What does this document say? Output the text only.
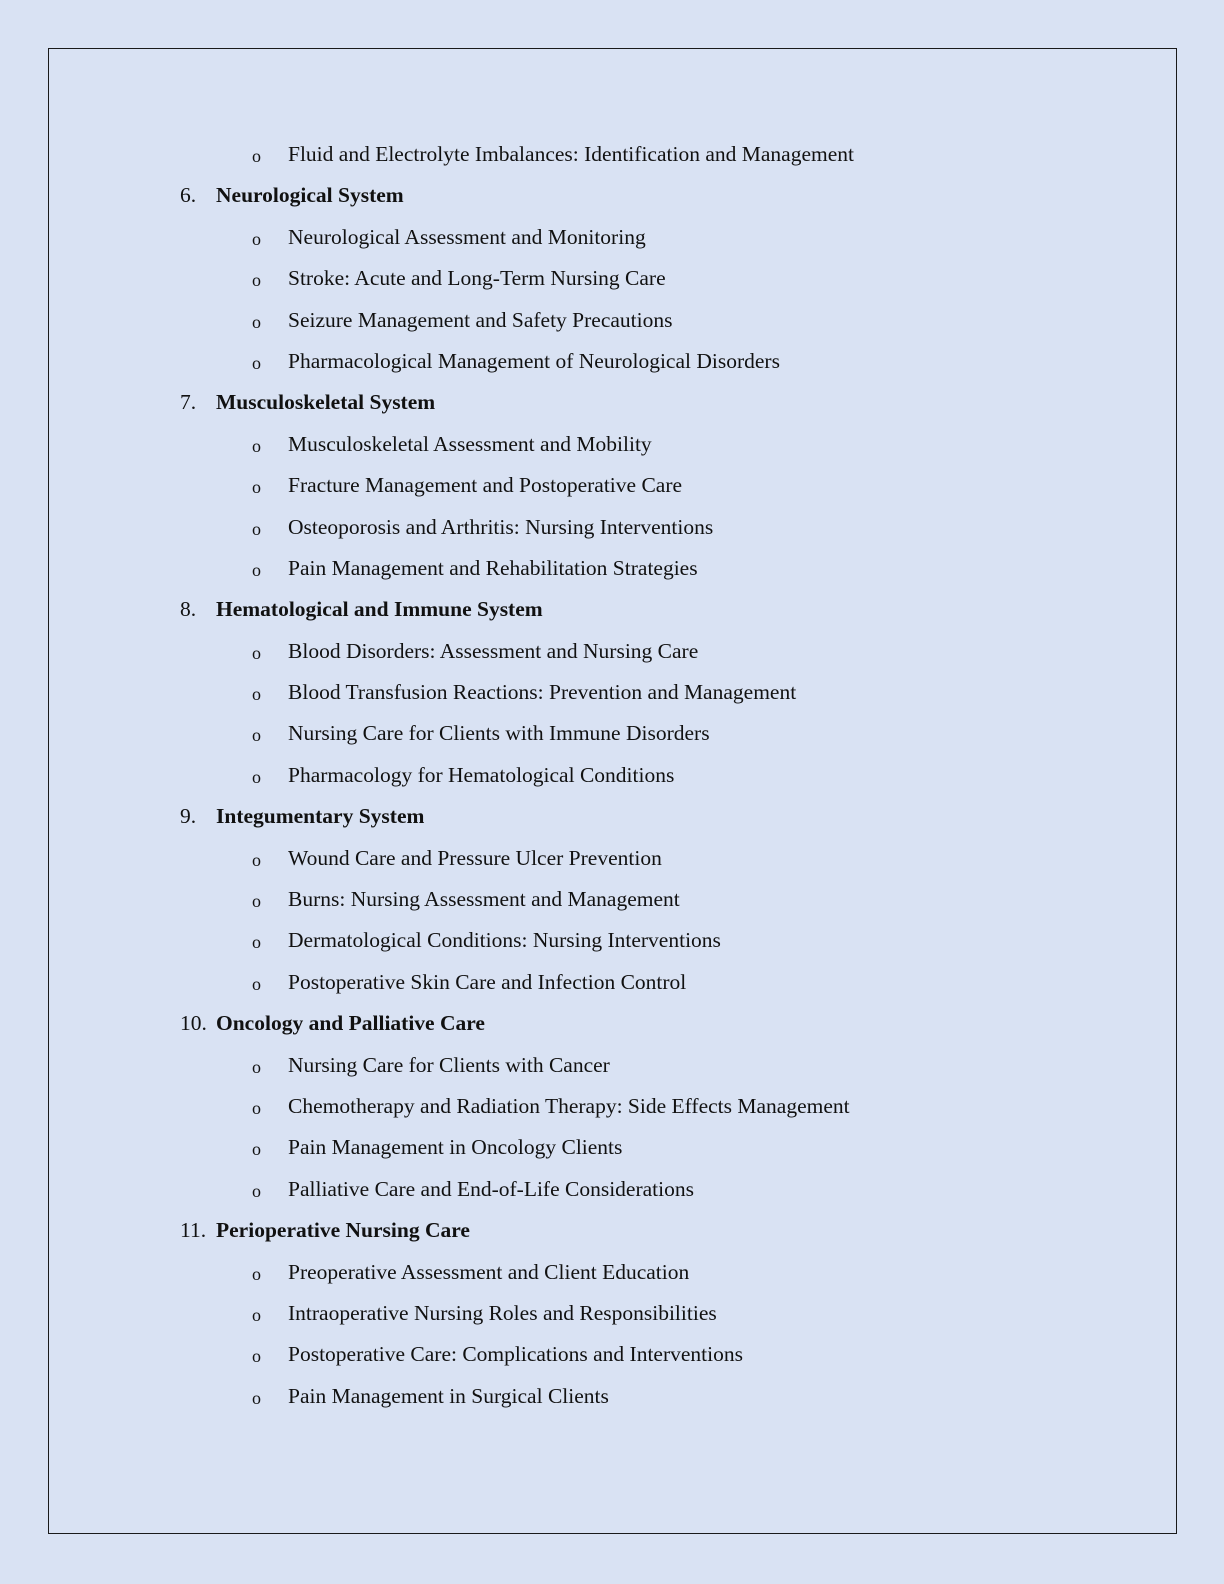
o Fluid and Electrolyte Imbalances: Identification and Management
6. Neurological System
o Neurological Assessment and Monitoring
o Stroke: Acute and Long-Term Nursing Care
o Seizure Management and Safety Precautions
o Pharmacological Management of Neurological Disorders
7. Musculoskeletal System
o Musculoskeletal Assessment and Mobility
o Fracture Management and Postoperative Care
o Osteoporosis and Arthritis: Nursing Interventions
o Pain Management and Rehabilitation Strategies
8. Hematological and Immune System
o Blood Disorders: Assessment and Nursing Care
o Blood Transfusion Reactions: Prevention and Management
o Nursing Care for Clients with Immune Disorders
o Pharmacology for Hematological Conditions
9. Integumentary System
o Wound Care and Pressure Ulcer Prevention
o Burns: Nursing Assessment and Management
o Dermatological Conditions: Nursing Interventions
o Postoperative Skin Care and Infection Control
10. Oncology and Palliative Care
o Nursing Care for Clients with Cancer
o Chemotherapy and Radiation Therapy: Side Effects Management
o Pain Management in Oncology Clients
o Palliative Care and End-of-Life Considerations
11. Perioperative Nursing Care
o Preoperative Assessment and Client Education
o Intraoperative Nursing Roles and Responsibilities
o Postoperative Care: Complications and Interventions
o Pain Management in Surgical Clients
